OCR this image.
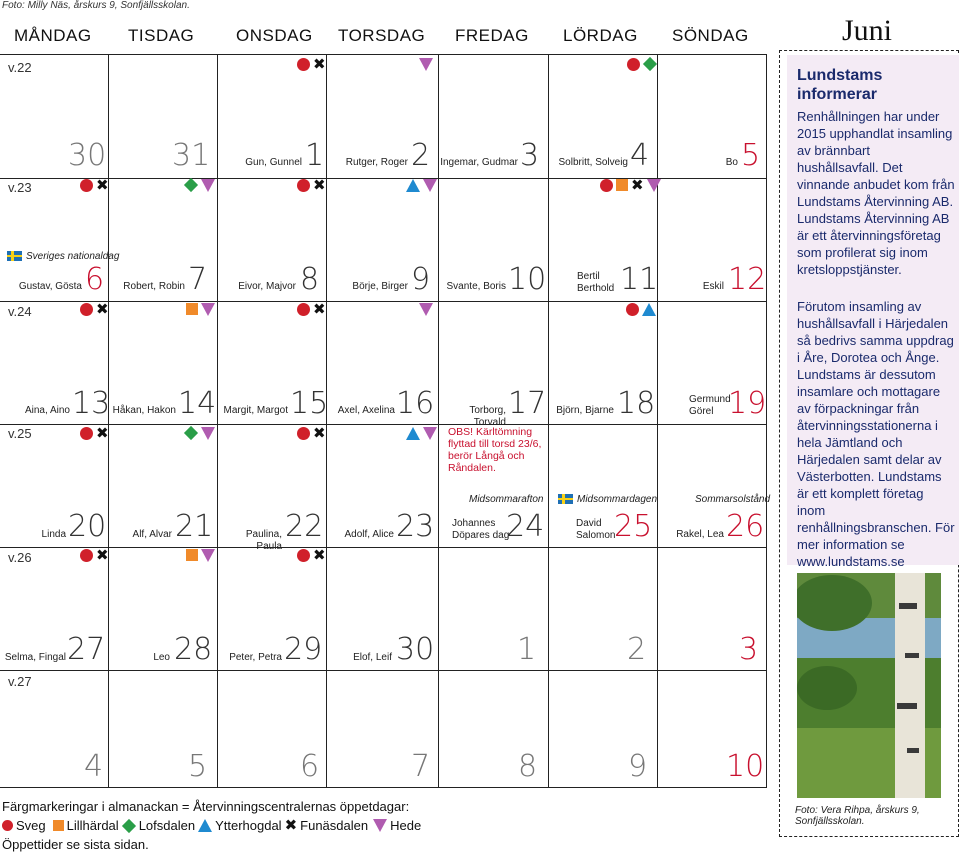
Foto: Milly Näs, årskurs 9, Sonfjällsskolan.
MÅNDAG TISDAG ONSDAG TORSDAG FREDAG LÖRDAG SÖNDAG	Juni
v.22
v.23
v.24
v.25
v.26
v.27
✖
30 31	Gun, Gunnel 1	Rutger, Roger 2 Ingemar, Gudmar 3	Solbritt, Solveig 4	Bo 5
✖	✖	✖
Sveriges nationaldag
Gustav, Gösta 6	Robert, Robin 7	Eivor, Majvor 8	Börje, Birger 9	Svante, Boris 10	Bertil
Berthold 11	Eskil 12
✖	✖
Aina, Aino 13 Håkan, Hakon 14 Margit, Margot 15 Axel, Axelina 16	Torborg, Torvald
17	Björn, Bjarne 18	Germund
Görel 19
✖	✖	OBS! Kärltömning flyttad till torsd 23/6, berör Långå och Råndalen.
Midsommarafton	Midsommardagen	Sommarsolstånd
Linda 20	Alf, Alvar 21	Paulina, Paula
22	Adolf, Alice 23 Johannes
Döpares dag
24	David
Salomon
25	Rakel, Lea 26
✖	✖
Selma, Fingal 27	Leo 28	Peter, Petra 29	Elof, Leif 30	1	2	3
4	5	6	7	8	9	10
Färgmarkeringar i almanackan = Återvinningscentralernas öppetdagar:
Sveg Lillhärdal Lofsdalen Ytterhogdal ✖ Funäsdalen Hede
Öppettider se sista sidan.
Lundstams informerar
Renhållningen har under 2015 upphandlat insamling av brännbart hushållsavfall. Det vinnande anbudet kom från Lundstams Återvinning AB. Lundstams Återvinning AB är ett återvinningsföretag som profilerat sig inom kretsloppstjänster.
Förutom insamling av hushållsavfall i Härjedalen så bedrivs samma uppdrag i Åre, Dorotea och Ånge. Lundstams är dessutom insamlare och mottagare av förpackningar från återvinningsstationerna i hela Jämtland och Härjedalen samt delar av Västerbotten. Lundstams är ett komplett företag inom renhållningsbranschen. För mer information se www.lundstams.se
Foto: Vera Rihpa, årskurs 9, Sonfjällsskolan.
